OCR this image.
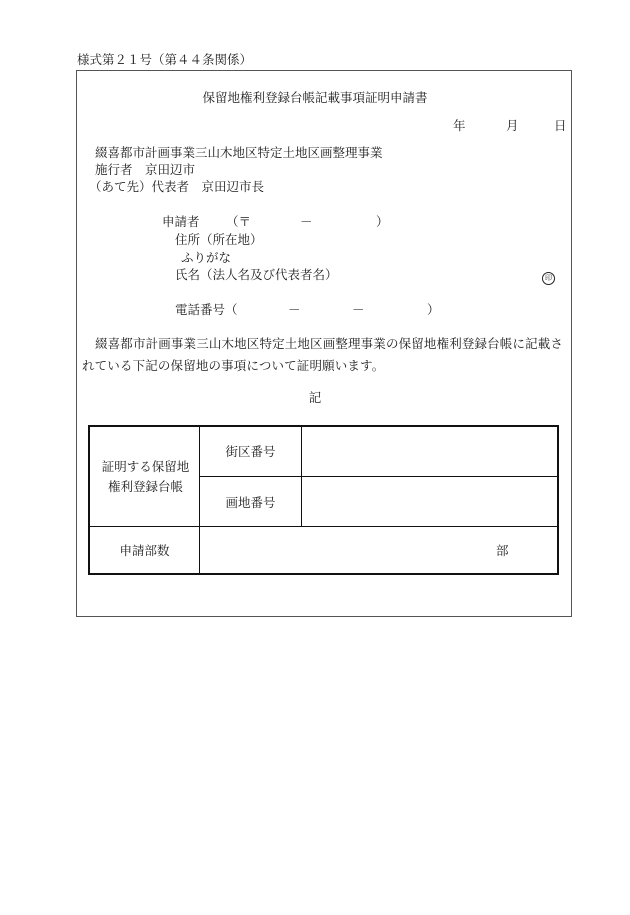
様式第２１号（第４４条関係）
保留地権利登録台帳記載事項証明申請書
年	月	日
綴喜都市計画事業三山木地区特定土地区画整理事業
施行者　京田辺市
（あて先）代表者　京田辺市長
申請者 （〒	－	）
住所（所在地）
ふりがな
氏名（法人名及び代表者名）	印
電話番号（	－	－	）
綴喜都市計画事業三山木地区特定土地区画整理事業の保留地権利登録台帳に記載されている下記の保留地の事項について証明願います。
記
証明する保留地
権利登録台帳
街区番号
画地番号
申請部数	部
